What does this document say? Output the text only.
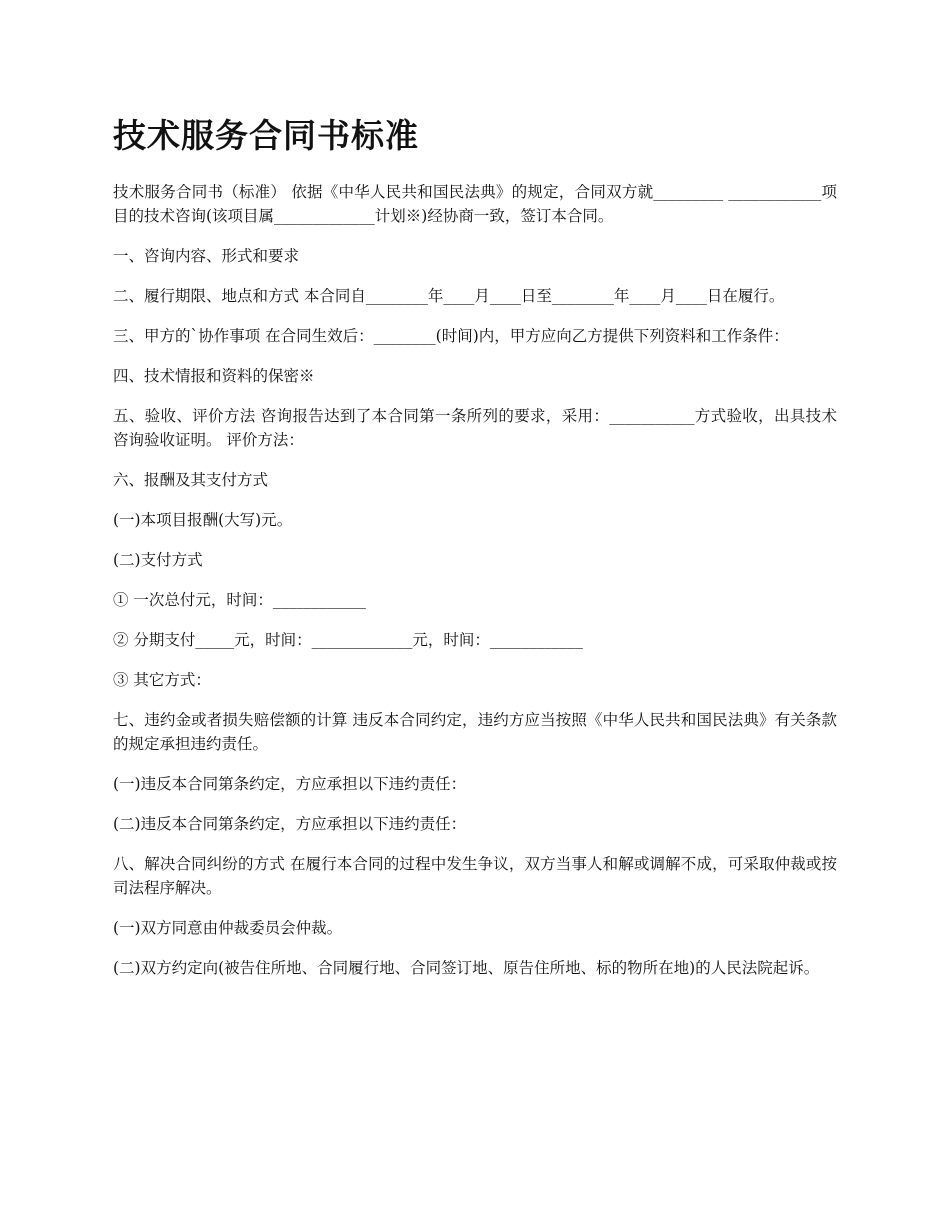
技术服务合同书标准

技术服务合同书（标准） 依据《中华人民共和国民法典》的规定，合同双方就_________ ____________项目的技术咨询(该项目属_____________计划※)经协商一致，签订本合同。

一、咨询内容、形式和要求

二、履行期限、地点和方式 本合同自________年____月____日至________年____月____日在履行。

三、甲方的`协作事项 在合同生效后：________(时间)内，甲方应向乙方提供下列资料和工作条件：

四、技术情报和资料的保密※

五、验收、评价方法 咨询报告达到了本合同第一条所列的要求，采用：___________方式验收，出具技术咨询验收证明。 评价方法：

六、报酬及其支付方式

(一)本项目报酬(大写)元。

(二)支付方式

① 一次总付元，时间：____________

② 分期支付_____元，时间：_____________元，时间：____________

③ 其它方式：

七、违约金或者损失赔偿额的计算 违反本合同约定，违约方应当按照《中华人民共和国民法典》有关条款的规定承担违约责任。

(一)违反本合同第条约定，方应承担以下违约责任：

(二)违反本合同第条约定，方应承担以下违约责任：

八、解决合同纠纷的方式 在履行本合同的过程中发生争议，双方当事人和解或调解不成，可采取仲裁或按司法程序解决。

(一)双方同意由仲裁委员会仲裁。

(二)双方约定向(被告住所地、合同履行地、合同签订地、原告住所地、标的物所在地)的人民法院起诉。
